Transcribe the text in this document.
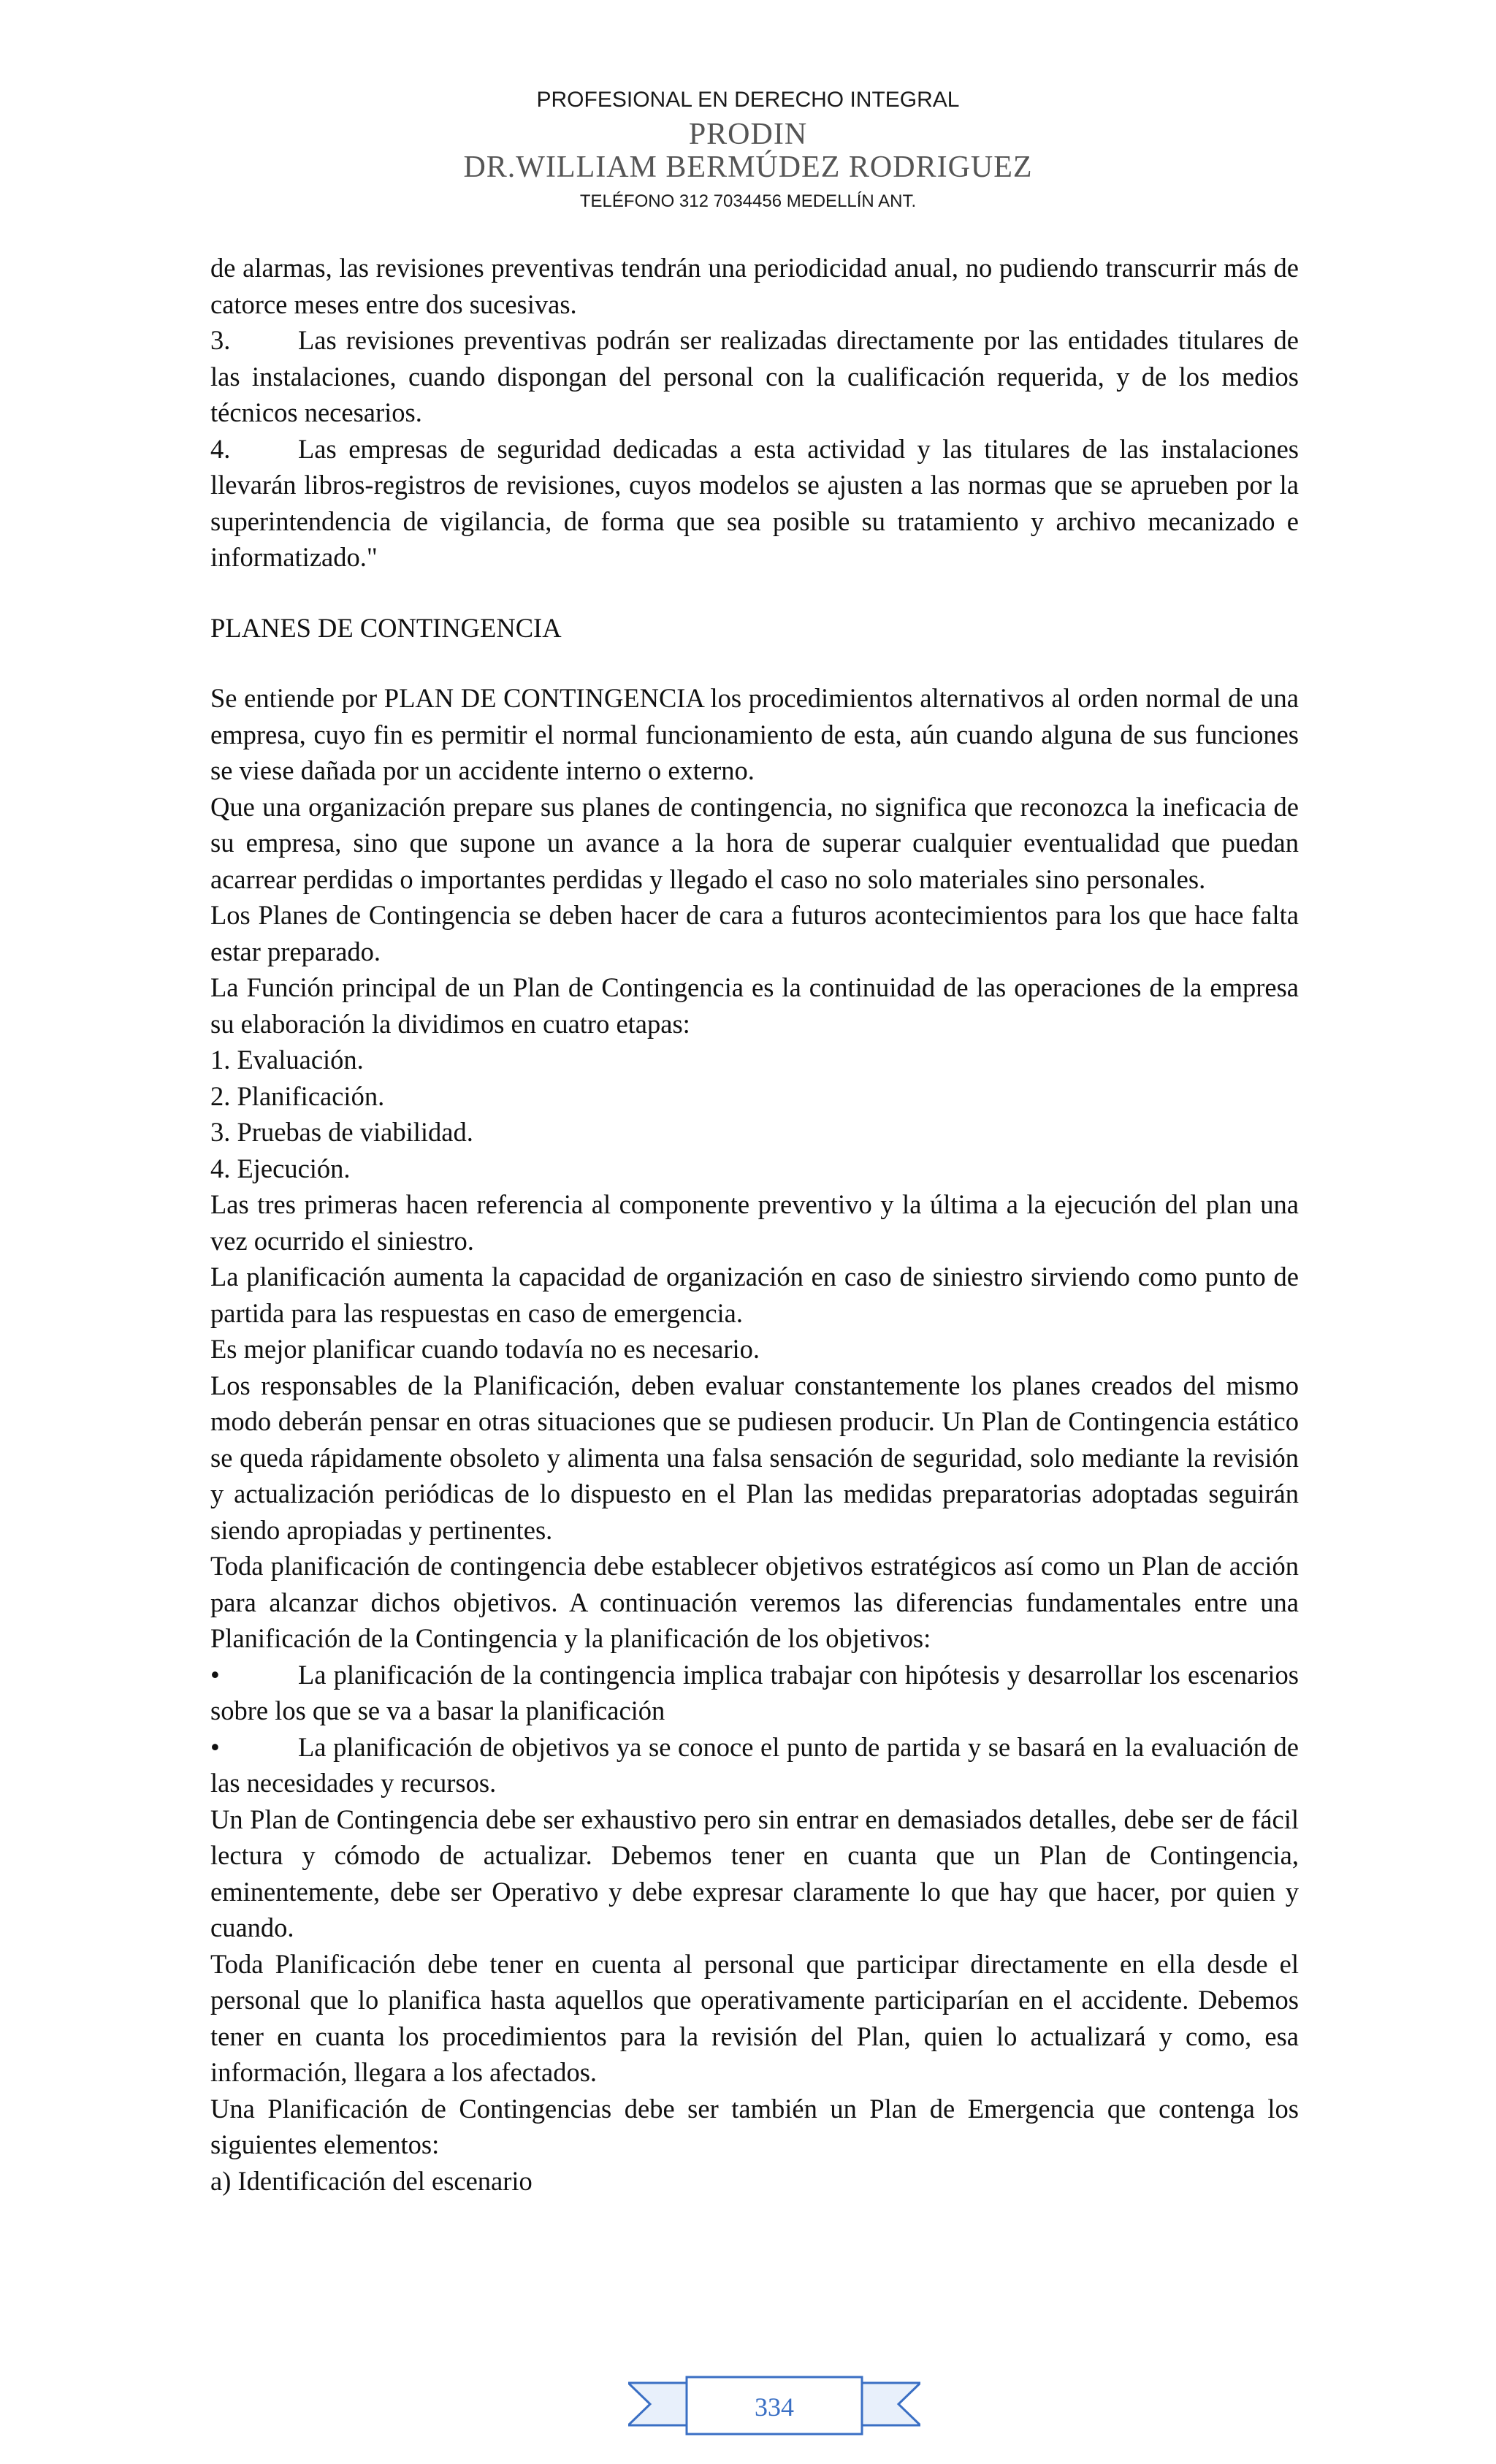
PROFESIONAL EN DERECHO INTEGRAL
PRODIN
DR.WILLIAM BERMÚDEZ RODRIGUEZ
TELÉFONO 312 7034456 MEDELLÍN ANT.

de alarmas, las revisiones preventivas tendrán una periodicidad anual, no pudiendo transcurrir más de catorce meses entre dos sucesivas.

3.	Las revisiones preventivas podrán ser realizadas directamente por las entidades titulares de las instalaciones, cuando dispongan del personal con la cualificación requerida, y de los medios técnicos necesarios.

4.	Las empresas de seguridad dedicadas a esta actividad y las titulares de las instalaciones llevarán libros-registros de revisiones, cuyos modelos se ajusten a las normas que se aprueben por la superintendencia de vigilancia, de forma que sea posible su tratamiento y archivo mecanizado e informatizado."

PLANES DE CONTINGENCIA

Se entiende por PLAN DE CONTINGENCIA los procedimientos alternativos al orden normal de una empresa, cuyo fin es permitir el normal funcionamiento de esta, aún cuando alguna de sus funciones se viese dañada por un accidente interno o externo.

Que una organización prepare sus planes de contingencia, no significa que reconozca la ineficacia de su empresa, sino que supone un avance a la hora de superar cualquier eventualidad que puedan acarrear perdidas o importantes perdidas y llegado el caso no solo materiales sino personales.

Los Planes de Contingencia se deben hacer de cara a futuros acontecimientos para los que hace falta estar preparado.

La Función principal de un Plan de Contingencia es la continuidad de las operaciones de la empresa su elaboración la dividimos en cuatro etapas:

1. Evaluación.

2. Planificación.

3. Pruebas de viabilidad.

4. Ejecución.

Las tres primeras hacen referencia al componente preventivo y la última a la ejecución del plan una vez ocurrido el siniestro.

La planificación aumenta la capacidad de organización en caso de siniestro sirviendo como punto de partida para las respuestas en caso de emergencia.

Es mejor planificar cuando todavía no es necesario.

Los responsables de la Planificación, deben evaluar constantemente los planes creados del mismo modo deberán pensar en otras situaciones que se pudiesen producir. Un Plan de Contingencia estático se queda rápidamente obsoleto y alimenta una falsa sensación de seguridad, solo mediante la revisión y actualización periódicas de lo dispuesto en el Plan las medidas preparatorias adoptadas seguirán siendo apropiadas y pertinentes.

Toda planificación de contingencia debe establecer objetivos estratégicos así como un Plan de acción para alcanzar dichos objetivos. A continuación veremos las diferencias fundamentales entre una Planificación de la Contingencia y la planificación de los objetivos:

•	La planificación de la contingencia implica trabajar con hipótesis y desarrollar los escenarios sobre los que se va a basar la planificación

•	La planificación de objetivos ya se conoce el punto de partida y se basará en la evaluación de las necesidades y recursos.

Un Plan de Contingencia debe ser exhaustivo pero sin entrar en demasiados detalles, debe ser de fácil lectura y cómodo de actualizar. Debemos tener en cuanta que un Plan de Contingencia, eminentemente, debe ser Operativo y debe expresar claramente lo que hay que hacer, por quien y cuando.

Toda Planificación debe tener en cuenta al personal que participar directamente en ella desde el personal que lo planifica hasta aquellos que operativamente participarían en el accidente. Debemos tener en cuanta los procedimientos para la revisión del Plan, quien lo actualizará y como, esa información, llegara a los afectados.

Una Planificación de Contingencias debe ser también un Plan de Emergencia que contenga los siguientes elementos:

a) Identificación del escenario

334
